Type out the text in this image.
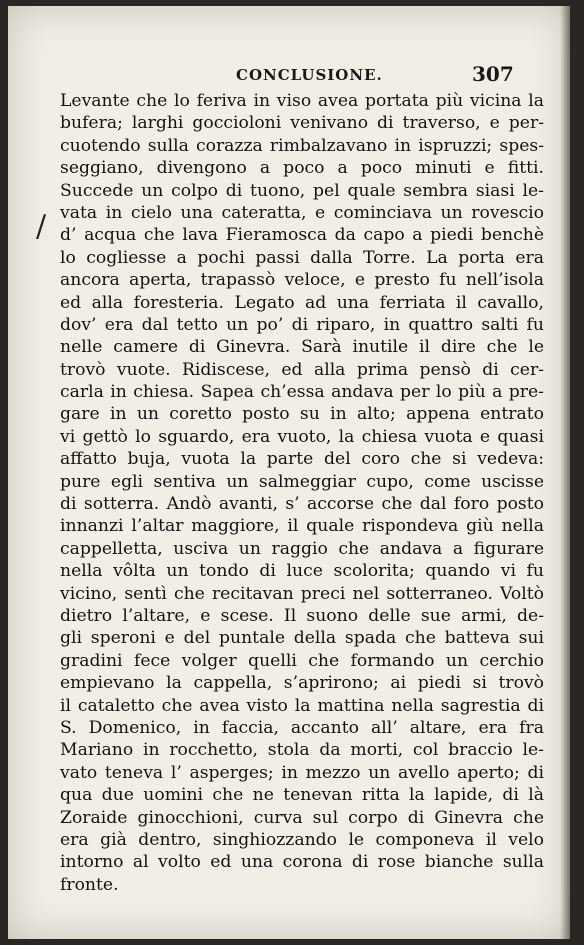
CONCLUSIONE.	307
/
Levante che lo feriva in viso avea portata più vicina la
bufera; larghi goccioloni venivano di traverso, e per-
cuotendo sulla corazza rimbalzavano in ispruzzi; spes-
seggiano, divengono a poco a poco minuti e fitti.
Succede un colpo di tuono, pel quale sembra siasi le-
vata in cielo una cateratta, e cominciava un rovescio
d’ acqua che lava Fieramosca da capo a piedi benchè
lo cogliesse a pochi passi dalla Torre. La porta era
ancora aperta, trapassò veloce, e presto fu nell’isola
ed alla foresteria. Legato ad una ferriata il cavallo,
dov’ era dal tetto un po’ di riparo, in quattro salti fu
nelle camere di Ginevra. Sarà inutile il dire che le
trovò vuote. Ridiscese, ed alla prima pensò di cer-
carla in chiesa. Sapea ch’essa andava per lo più a pre-
gare in un coretto posto su in alto; appena entrato
vi gettò lo sguardo, era vuoto, la chiesa vuota e quasi
affatto buja, vuota la parte del coro che si vedeva:
pure egli sentiva un salmeggiar cupo, come uscisse
di sotterra. Andò avanti, s’ accorse che dal foro posto
innanzi l’altar maggiore, il quale rispondeva giù nella
cappelletta, usciva un raggio che andava a figurare
nella vôlta un tondo di luce scolorita; quando vi fu
vicino, sentì che recitavan preci nel sotterraneo. Voltò
dietro l’altare, e scese. Il suono delle sue armi, de-
gli speroni e del puntale della spada che batteva sui
gradini fece volger quelli che formando un cerchio
empievano la cappella, s’aprirono; ai piedi si trovò
il cataletto che avea visto la mattina nella sagrestia di
S. Domenico, in faccia, accanto all’ altare, era fra
Mariano in rocchetto, stola da morti, col braccio le-
vato teneva l’ asperges; in mezzo un avello aperto; di
qua due uomini che ne tenevan ritta la lapide, di là
Zoraide ginocchioni, curva sul corpo di Ginevra che
era già dentro, singhiozzando le componeva il velo
intorno al volto ed una corona di rose bianche sulla
fronte.
